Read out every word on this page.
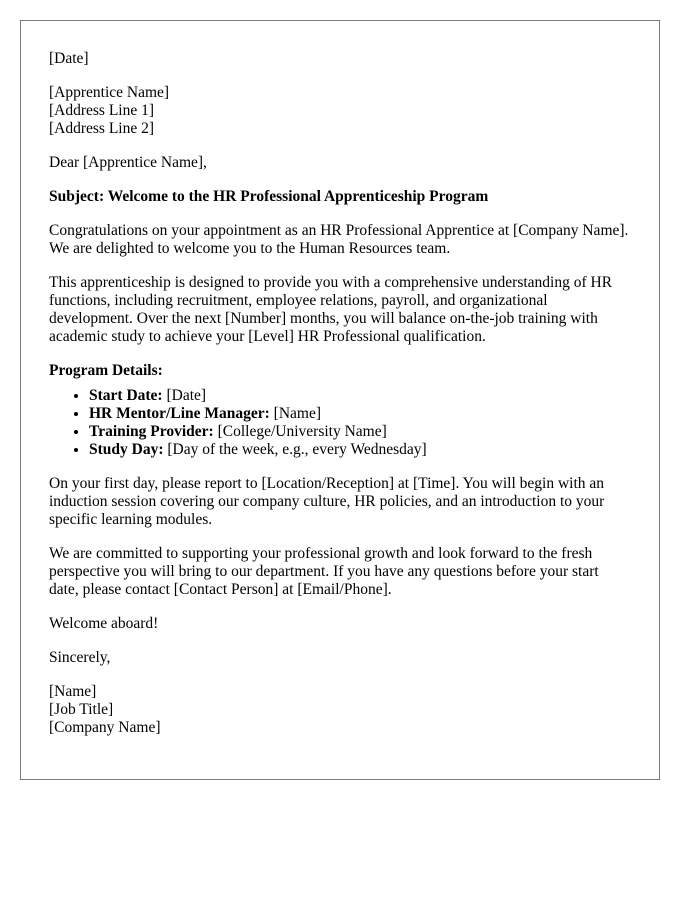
[Date]
[Apprentice Name]
[Address Line 1]
[Address Line 2]

Dear [Apprentice Name],

Subject: Welcome to the HR Professional Apprenticeship Program

Congratulations on your appointment as an HR Professional Apprentice at [Company Name]. We are delighted to welcome you to the Human Resources team.

This apprenticeship is designed to provide you with a comprehensive understanding of HR functions, including recruitment, employee relations, payroll, and organizational development. Over the next [Number] months, you will balance on-the-job training with academic study to achieve your [Level] HR Professional qualification.

Program Details:
• Start Date: [Date]
• HR Mentor/Line Manager: [Name]
• Training Provider: [College/University Name]
• Study Day: [Day of the week, e.g., every Wednesday]

On your first day, please report to [Location/Reception] at [Time]. You will begin with an induction session covering our company culture, HR policies, and an introduction to your specific learning modules.

We are committed to supporting your professional growth and look forward to the fresh perspective you will bring to our department. If you have any questions before your start date, please contact [Contact Person] at [Email/Phone].

Welcome aboard!

Sincerely,

[Name]
[Job Title]
[Company Name]
